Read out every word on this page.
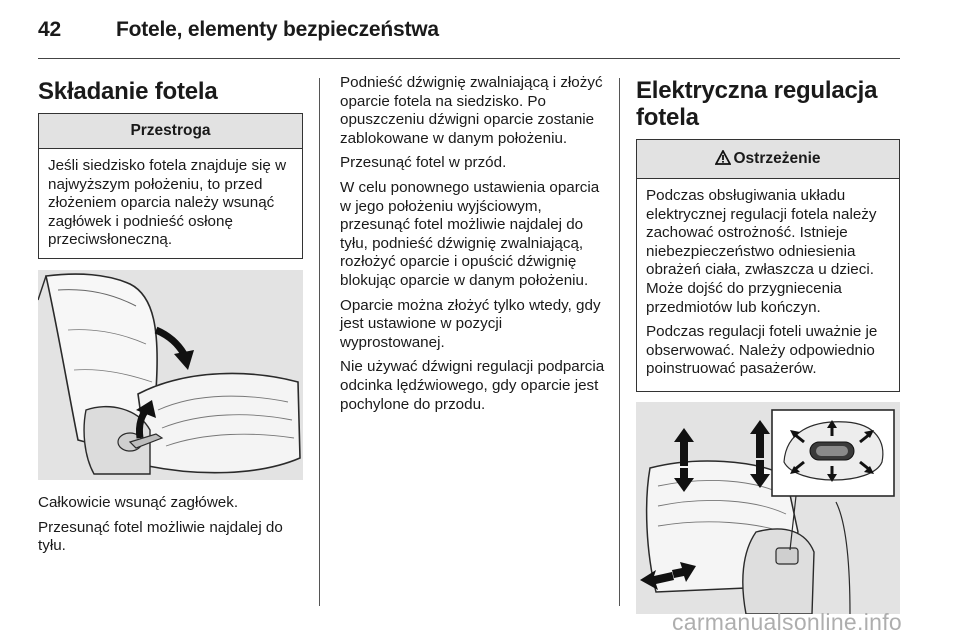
42	Fotele, elementy bezpieczeństwa
Składanie fotela
Przestroga

Jeśli siedzisko fotela znajduje się w najwyższym położeniu, to przed złożeniem oparcia należy wsunąć zagłówek i podnieść osłonę przeciwsłoneczną.

Całkowicie wsunąć zagłówek.

Przesunąć fotel możliwie najdalej do tyłu.

Podnieść dźwignię zwalniającą i złożyć oparcie fotela na siedzisko. Po opuszczeniu dźwigni oparcie zostanie zablokowane w danym położeniu.

Przesunąć fotel w przód.

W celu ponownego ustawienia oparcia w jego położeniu wyjściowym, przesunąć fotel możliwie najdalej do tyłu, podnieść dźwignię zwalniającą, rozłożyć oparcie i opuścić dźwignię blokując oparcie w danym położeniu.

Oparcie można złożyć tylko wtedy, gdy jest ustawione w pozycji wyprostowanej.

Nie używać dźwigni regulacji podparcia odcinka lędźwiowego, gdy oparcie jest pochylone do przodu.

Elektryczna regulacja
fotela
Ostrzeżenie

Podczas obsługiwania układu elektrycznej regulacji fotela należy zachować ostrożność. Istnieje niebezpieczeństwo odniesienia obrażeń ciała, zwłaszcza u dzieci. Może dojść do przygniecenia przedmiotów lub kończyn.

Podczas regulacji foteli uważnie je obserwować. Należy odpowiednio poinstruować pasażerów.

carmanualsonline.info
